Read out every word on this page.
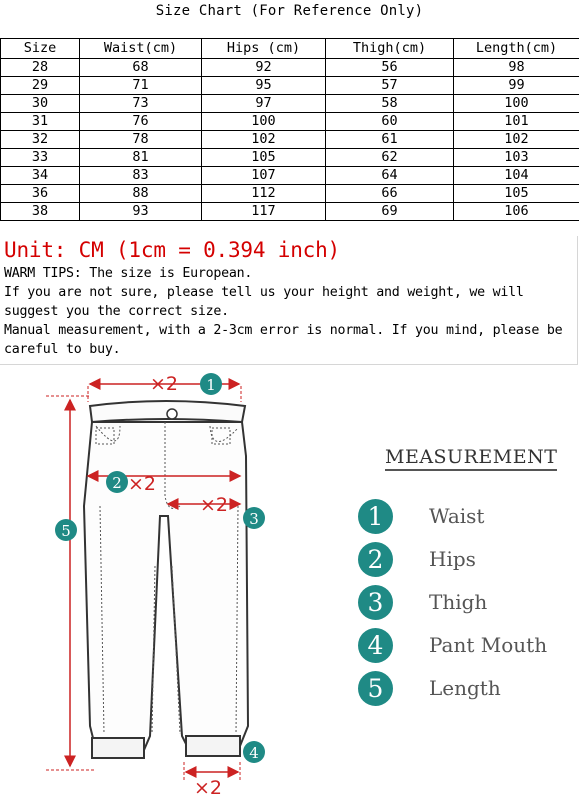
Size Chart (For Reference Only)
Size	Waist(cm)	Hips (cm)	Thigh(cm)	Length(cm)
28	68	92	56	98
29	71	95	57	99
30	73	97	58	100
31	76	100	60	101
32	78	102	61	102
33	81	105	62	103
34	83	107	64	104
36	88	112	66	105
38	93	117	69	106
Unit: CM (1cm = 0.394 inch)
WARM TIPS: The size is European.
If you are not sure, please tell us your height and weight, we will suggest you the correct size.
Manual measurement, with a 2-3cm error is normal. If you mind, please be careful to buy.
×2
×2
×2
×2
1
2
3
4
5
MEASUREMENT
1	Waist
2	Hips
3	Thigh
4	Pant Mouth
5	Length
